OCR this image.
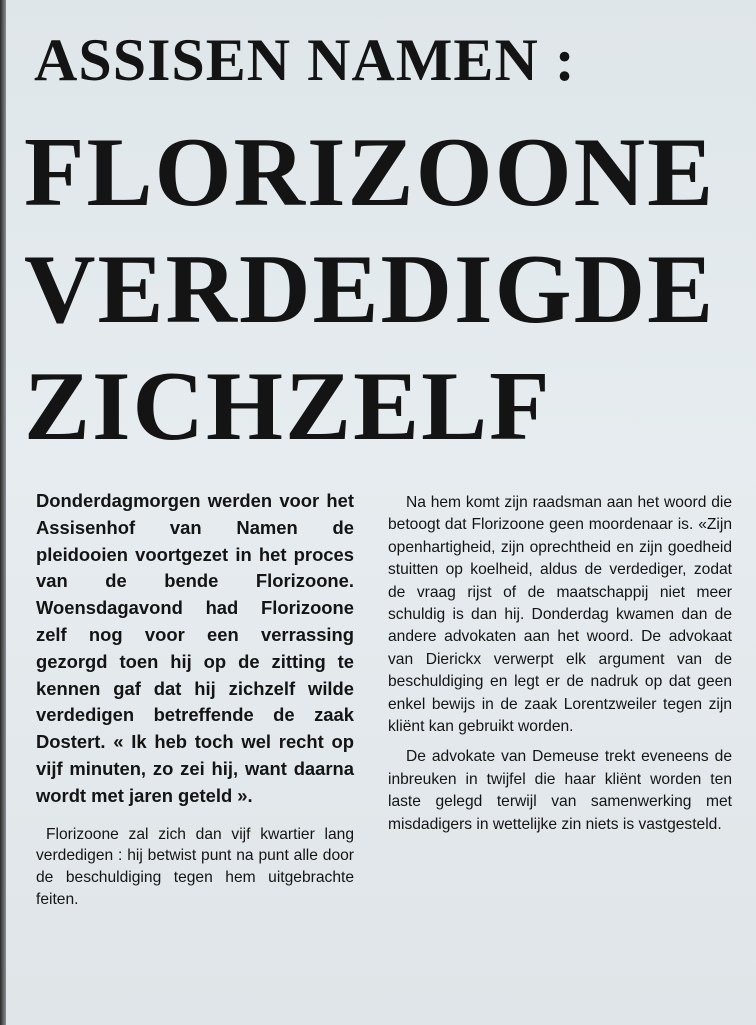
ASSISEN NAMEN :
FLORIZOONE
VERDEDIGDE
ZICHZELF

Donderdagmorgen werden voor het Assisenhof van Namen de pleidooien voortgezet in het proces van de bende Florizoone. Woensdagavond had Florizoone zelf nog voor een verrassing gezorgd toen hij op de zitting te kennen gaf dat hij zichzelf wilde verdedigen betreffende de zaak Dostert. « Ik heb toch wel recht op vijf minuten, zo zei hij, want daarna wordt met jaren geteld ».

Florizoone zal zich dan vijf kwartier lang verdedigen : hij betwist punt na punt alle door de beschuldiging tegen hem uitgebrachte feiten.

Na hem komt zijn raadsman aan het woord die betoogt dat Florizoone geen moordenaar is. «Zijn openhartigheid, zijn oprechtheid en zijn goedheid stuitten op koelheid, aldus de verdediger, zodat de vraag rijst of de maatschappij niet meer schuldig is dan hij. Donderdag kwamen dan de andere advokaten aan het woord. De advokaat van Dierickx verwerpt elk argument van de beschuldiging en legt er de nadruk op dat geen enkel bewijs in de zaak Lorentzweiler tegen zijn kliënt kan gebruikt worden.

De advokate van Demeuse trekt eveneens de inbreuken in twijfel die haar kliënt worden ten laste gelegd terwijl van samenwerking met misdadigers in wettelijke zin niets is vastgesteld.
